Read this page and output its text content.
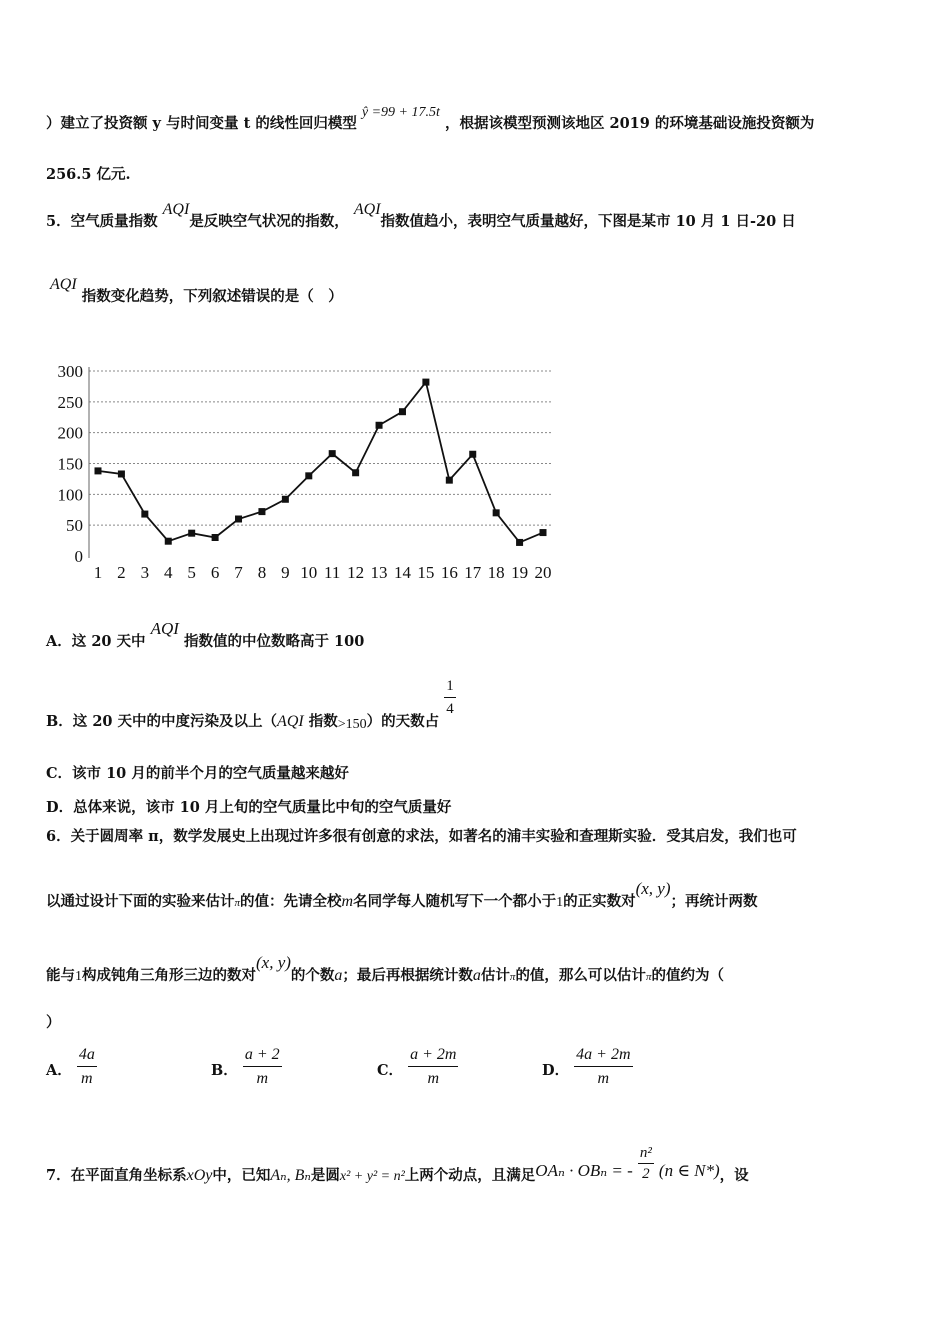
）建立了投资额 y 与时间变量 t 的线性回归模型 ŷ =99 + 17.5t ，根据该模型预测该地区 2019 的环境基础设施投资额为
256.5 亿元.
5．空气质量指数 AQI是反映空气状况的指数， AQI指数值趋小，表明空气质量越好，下图是某市 10 月 1 日-20 日
AQI 指数变化趋势，下列叙述错误的是（　）
0
50
100
150
200
250
300
1 2 3 4 5 6 7 8 9 10 11 12 13 14 15 16 17 18 19 20
A．这 20 天中 AQI 指数值的中位数略高于 100
B．这 20 天中的中度污染及以上（AQI 指数>150）的天数占
$\frac{1}{4}$
C．该市 10 月的前半个月的空气质量越来越好
D．总体来说，该市 10 月上旬的空气质量比中旬的空气质量好
6．关于圆周率 π，数学发展史上出现过许多很有创意的求法，如著名的浦丰实验和查理斯实验．受其启发，我们也可
以通过设计下面的实验来估计π的值：先请全校m名同学每人随机写下一个都小于1的正实数对(x, y)；再统计两数
能与1构成钝角三角形三边的数对(x, y)的个数a；最后再根据统计数a估计π的值，那么可以估计π的值约为（
）
A． $\frac{4a}{m}$	B． $\frac{a + 2}{m}$	C． $\frac{a + 2m}{m}$	D． $\frac{4a + 2m}{m}$
7．在平面直角坐标系xOy中，已知Aₙ, Bₙ是圆x² + y² = n²上两个动点，且满足OAₙ · OBₙ = - $\frac{\text{n²}}{2} (n$ ∈ N*)，设
